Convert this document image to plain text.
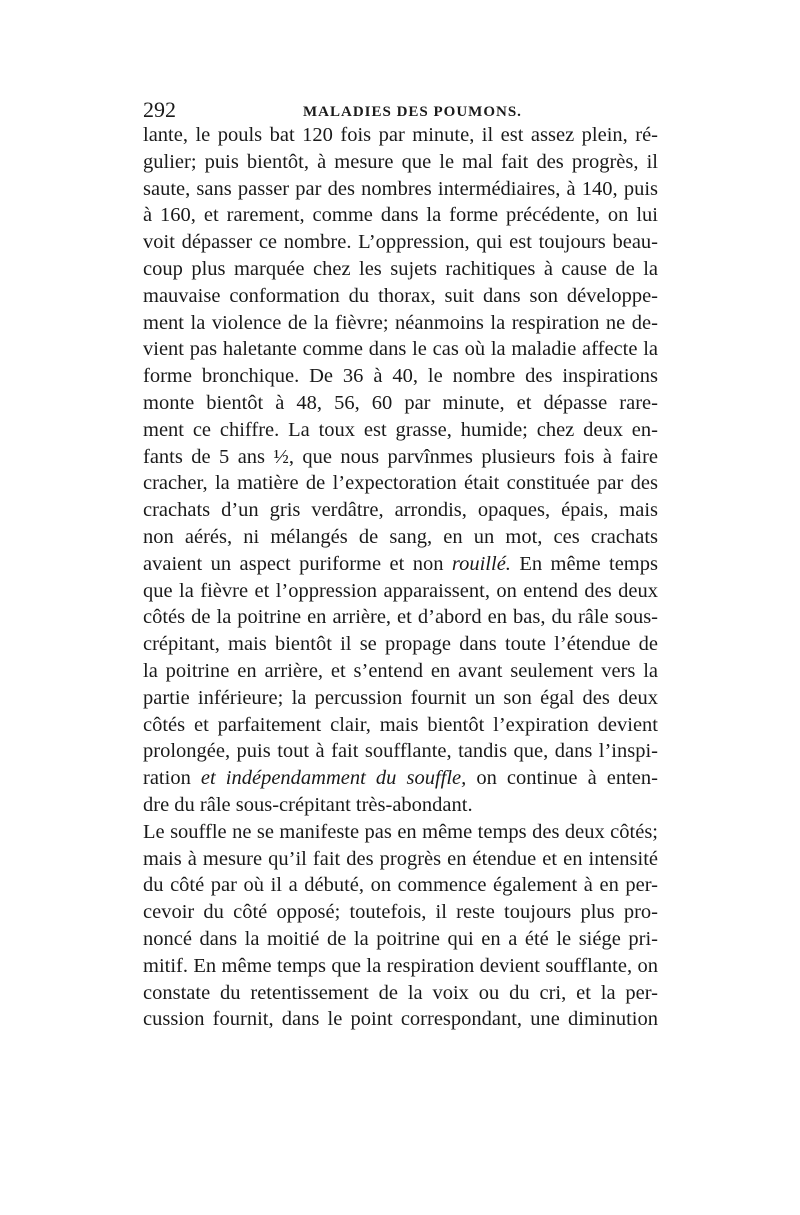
292	MALADIES DES POUMONS.
lante, le pouls bat 120 fois par minute, il est assez plein, ré-
gulier; puis bientôt, à mesure que le mal fait des progrès, il
saute, sans passer par des nombres intermédiaires, à 140, puis
à 160, et rarement, comme dans la forme précédente, on lui
voit dépasser ce nombre. L’oppression, qui est toujours beau-
coup plus marquée chez les sujets rachitiques à cause de la
mauvaise conformation du thorax, suit dans son développe-
ment la violence de la fièvre; néanmoins la respiration ne de-
vient pas haletante comme dans le cas où la maladie affecte la
forme bronchique. De 36 à 40, le nombre des inspirations
monte bientôt à 48, 56, 60 par minute, et dépasse rare-
ment ce chiffre. La toux est grasse, humide; chez deux en-
fants de 5 ans ½, que nous parvînmes plusieurs fois à faire
cracher, la matière de l’expectoration était constituée par des
crachats d’un gris verdâtre, arrondis, opaques, épais, mais
non aérés, ni mélangés de sang, en un mot, ces crachats
avaient un aspect puriforme et non rouillé. En même temps
que la fièvre et l’oppression apparaissent, on entend des deux
côtés de la poitrine en arrière, et d’abord en bas, du râle sous-
crépitant, mais bientôt il se propage dans toute l’étendue de
la poitrine en arrière, et s’entend en avant seulement vers la
partie inférieure; la percussion fournit un son égal des deux
côtés et parfaitement clair, mais bientôt l’expiration devient
prolongée, puis tout à fait soufflante, tandis que, dans l’inspi-
ration et indépendamment du souffle, on continue à enten-
dre du râle sous-crépitant très-abondant.
Le souffle ne se manifeste pas en même temps des deux côtés;
mais à mesure qu’il fait des progrès en étendue et en intensité
du côté par où il a débuté, on commence également à en per-
cevoir du côté opposé; toutefois, il reste toujours plus pro-
noncé dans la moitié de la poitrine qui en a été le siége pri-
mitif. En même temps que la respiration devient soufflante, on
constate du retentissement de la voix ou du cri, et la per-
cussion fournit, dans le point correspondant, une diminution
